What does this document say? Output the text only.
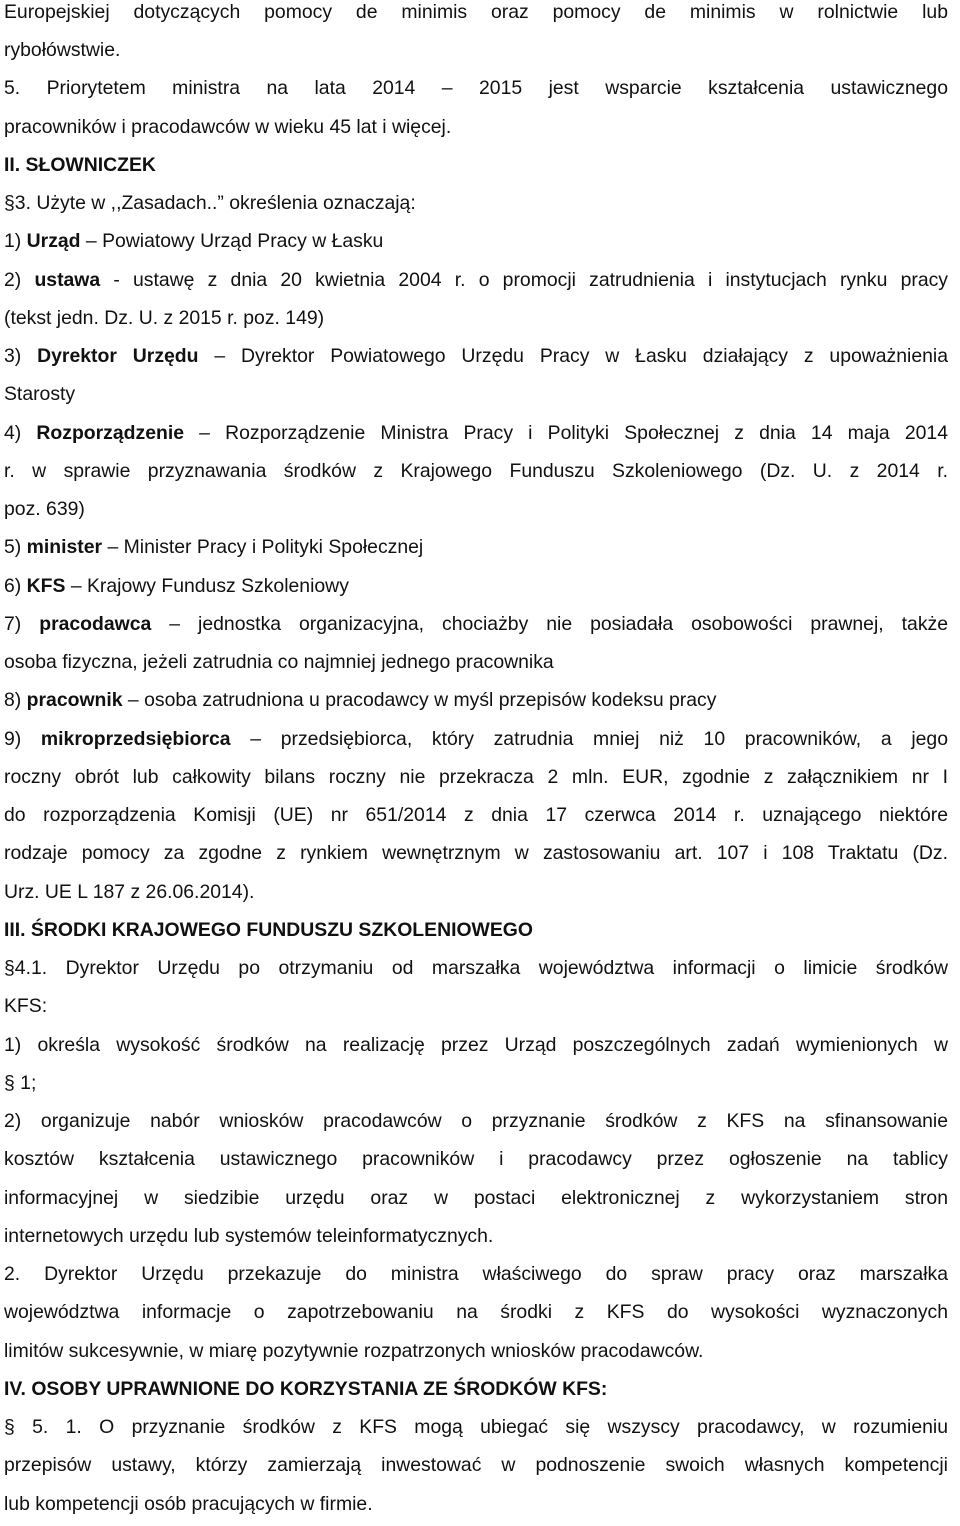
Europejskiej dotyczących pomocy de minimis oraz pomocy de minimis w rolnictwie lub
rybołówstwie.
5. Priorytetem ministra na lata 2014 – 2015 jest wsparcie kształcenia ustawicznego
pracowników i pracodawców w wieku 45 lat i więcej.
II. SŁOWNICZEK
§3. Użyte w ,,Zasadach..” określenia oznaczają:
1) Urząd – Powiatowy Urząd Pracy w Łasku
2) ustawa - ustawę z dnia 20 kwietnia 2004 r. o promocji zatrudnienia i instytucjach rynku pracy
(tekst jedn. Dz. U. z 2015 r. poz. 149)
3) Dyrektor Urzędu – Dyrektor Powiatowego Urzędu Pracy w Łasku działający z upoważnienia
Starosty
4) Rozporządzenie – Rozporządzenie Ministra Pracy i Polityki Społecznej z dnia 14 maja 2014
r. w sprawie przyznawania środków z Krajowego Funduszu Szkoleniowego (Dz. U. z 2014 r.
poz. 639)
5) minister – Minister Pracy i Polityki Społecznej
6) KFS – Krajowy Fundusz Szkoleniowy
7) pracodawca – jednostka organizacyjna, chociażby nie posiadała osobowości prawnej, także
osoba fizyczna, jeżeli zatrudnia co najmniej jednego pracownika
8) pracownik – osoba zatrudniona u pracodawcy w myśl przepisów kodeksu pracy
9) mikroprzedsiębiorca – przedsiębiorca, który zatrudnia mniej niż 10 pracowników, a jego
roczny obrót lub całkowity bilans roczny nie przekracza 2 mln. EUR, zgodnie z załącznikiem nr I
do rozporządzenia Komisji (UE) nr 651/2014 z dnia 17 czerwca 2014 r. uznającego niektóre
rodzaje pomocy za zgodne z rynkiem wewnętrznym w zastosowaniu art. 107 i 108 Traktatu (Dz.
Urz. UE L 187 z 26.06.2014).
III. ŚRODKI KRAJOWEGO FUNDUSZU SZKOLENIOWEGO
§4.1. Dyrektor Urzędu po otrzymaniu od marszałka województwa informacji o limicie środków
KFS:
1) określa wysokość środków na realizację przez Urząd poszczególnych zadań wymienionych w
§ 1;
2) organizuje nabór wniosków pracodawców o przyznanie środków z KFS na sfinansowanie
kosztów kształcenia ustawicznego pracowników i pracodawcy przez ogłoszenie na tablicy
informacyjnej w siedzibie urzędu oraz w postaci elektronicznej z wykorzystaniem stron
internetowych urzędu lub systemów teleinformatycznych.
2. Dyrektor Urzędu przekazuje do ministra właściwego do spraw pracy oraz marszałka
województwa informacje o zapotrzebowaniu na środki z KFS do wysokości wyznaczonych
limitów sukcesywnie, w miarę pozytywnie rozpatrzonych wniosków pracodawców.
IV. OSOBY UPRAWNIONE DO KORZYSTANIA ZE ŚRODKÓW KFS:
§ 5. 1. O przyznanie środków z KFS mogą ubiegać się wszyscy pracodawcy, w rozumieniu
przepisów ustawy, którzy zamierzają inwestować w podnoszenie swoich własnych kompetencji
lub kompetencji osób pracujących w firmie.
